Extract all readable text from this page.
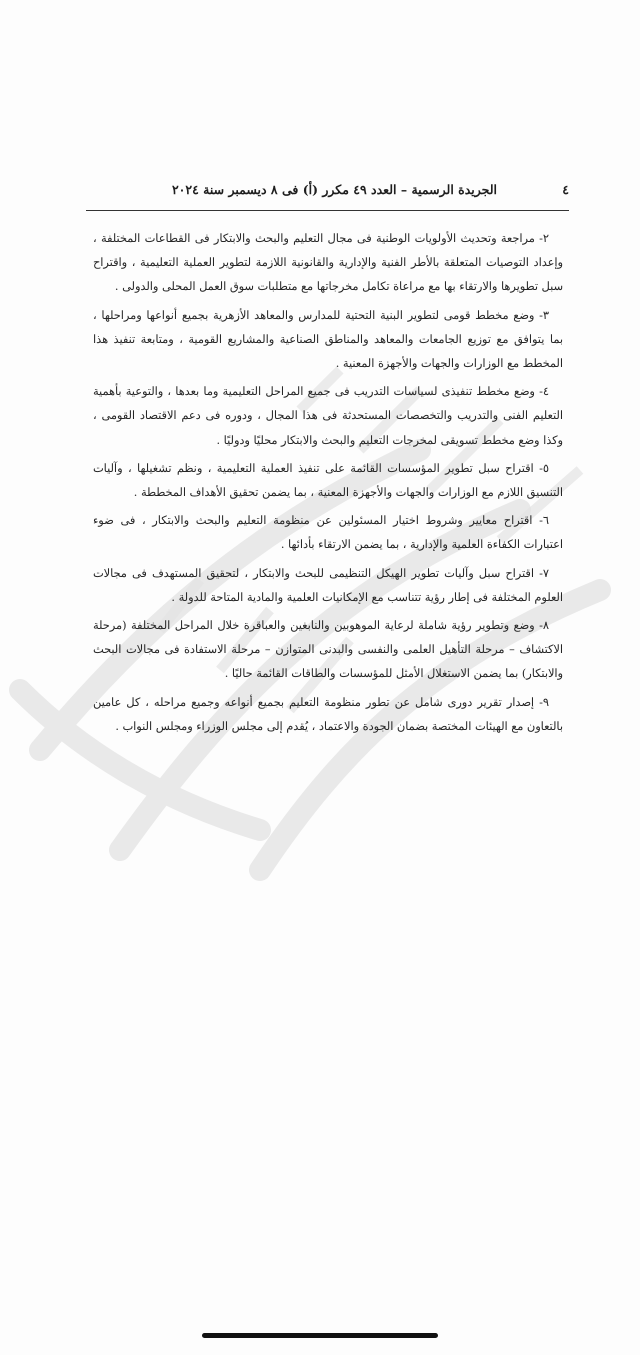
٤
الجريدة الرسمية – العدد ٤٩ مكرر (أ) فى ٨ ديسمبر سنة ٢٠٢٤

٢- مراجعة وتحديث الأولويات الوطنية فى مجال التعليم والبحث والابتكار فى القطاعات المختلفة ، وإعداد التوصيات المتعلقة بالأطر الفنية والإدارية والقانونية اللازمة لتطوير العملية التعليمية ، واقتراح سبل تطويرها والارتقاء بها مع مراعاة تكامل مخرجاتها مع متطلبات سوق العمل المحلى والدولى .

٣- وضع مخطط قومى لتطوير البنية التحتية للمدارس والمعاهد الأزهرية بجميع أنواعها ومراحلها ، بما يتوافق مع توزيع الجامعات والمعاهد والمناطق الصناعية والمشاريع القومية ، ومتابعة تنفيذ هذا المخطط مع الوزارات والجهات والأجهزة المعنية .

٤- وضع مخطط تنفيذى لسياسات التدريب فى جميع المراحل التعليمية وما بعدها ، والتوعية بأهمية التعليم الفنى والتدريب والتخصصات المستحدثة فى هذا المجال ، ودوره فى دعم الاقتصاد القومى ، وكذا وضع مخطط تسويقى لمخرجات التعليم والبحث والابتكار محليًا ودوليًا .

٥- اقتراح سبل تطوير المؤسسات القائمة على تنفيذ العملية التعليمية ، ونظم تشغيلها ، وآليات التنسيق اللازم مع الوزارات والجهات والأجهزة المعنية ، بما يضمن تحقيق الأهداف المخططة .

٦- اقتراح معايير وشروط اختيار المسئولين عن منظومة التعليم والبحث والابتكار ، فى ضوء اعتبارات الكفاءة العلمية والإدارية ، بما يضمن الارتقاء بأدائها .

٧- اقتراح سبل وآليات تطوير الهيكل التنظيمى للبحث والابتكار ، لتحقيق المستهدف فى مجالات العلوم المختلفة فى إطار رؤية تتناسب مع الإمكانيات العلمية والمادية المتاحة للدولة .

٨- وضع وتطوير رؤية شاملة لرعاية الموهوبين والنابغين والعباقرة خلال المراحل المختلفة (مرحلة الاكتشاف – مرحلة التأهيل العلمى والنفسى والبدنى المتوازن – مرحلة الاستفادة فى مجالات البحث والابتكار) بما يضمن الاستغلال الأمثل للمؤسسات والطاقات القائمة حاليًا .

٩- إصدار تقرير دورى شامل عن تطور منظومة التعليم بجميع أنواعه وجميع مراحله ، كل عامين بالتعاون مع الهيئات المختصة بضمان الجودة والاعتماد ، يُقدم إلى مجلس الوزراء ومجلس النواب .
